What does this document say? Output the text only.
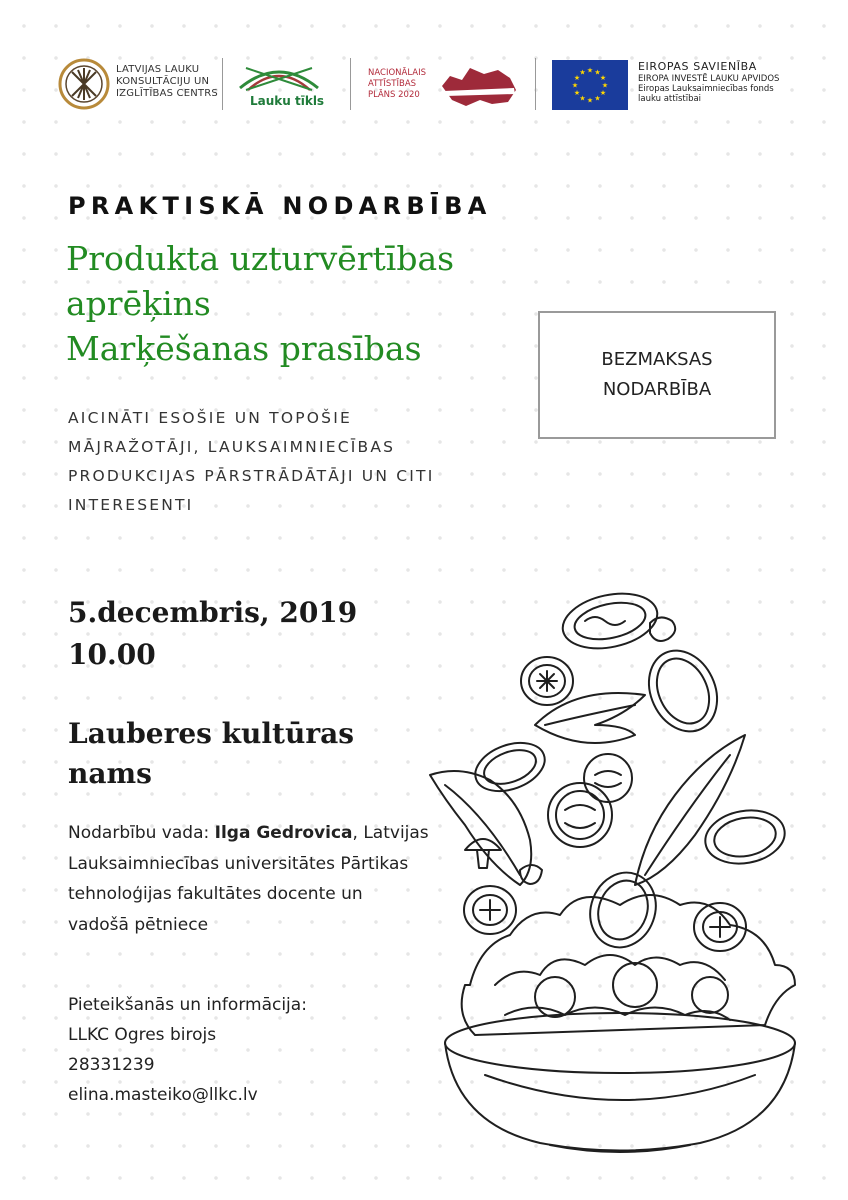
LATVIJAS LAUKU
KONSULTĀCIJU UN
IZGLĪTĪBAS CENTRS
Lauku tīkls
NACIONĀLAIS
ATTĪSTĪBAS
PLĀNS 2020
★
★
★
★
★
★
★
★
★ ★ ★
★
EIROPAS SAVIENĪBA
EIROPA INVESTĒ LAUKU APVIDOS
Eiropas Lauksaimniecības fonds
lauku attīstībai
PRAKTISKĀ NODARBĪBA
Produkta uzturvērtības
aprēķins
Marķēšanas prasības	BEZMAKSAS
NODARBĪBA
AICINĀTI ESOŠIE UN TOPOŠIE
MĀJRAŽOTĀJI, LAUKSAIMNIECĪBAS
PRODUKCIJAS PĀRSTRĀDĀTĀJI UN CITI
INTERESENTI
5.decembris, 2019
10.00
Lauberes kultūras
nams
Nodarbību vada: Ilga Gedrovica, Latvijas
Lauksaimniecības universitātes Pārtikas
tehnoloģijas fakultātes docente un
vadošā pētniece
Pieteikšanās un informācija:
LLKC Ogres birojs
28331239
elina.masteiko@llkc.lv
